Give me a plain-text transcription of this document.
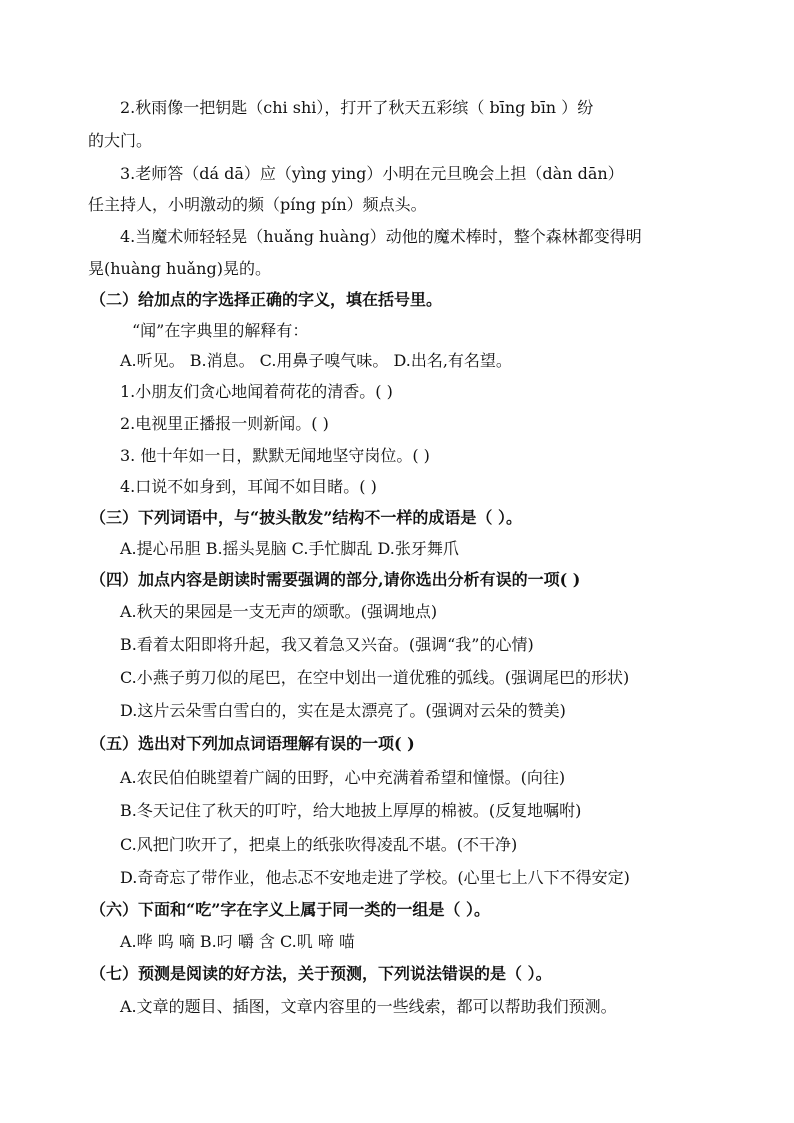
2.秋雨像一把钥匙（chi shi），打开了秋天五彩缤（ bīng bīn ）纷
的大门。
3.老师答（dá dā）应（yìng ying）小明在元旦晚会上担（dàn dān）
任主持人，小明激动的频（píng pín）频点头。
4.当魔术师轻轻晃（huǎng huàng）动他的魔术棒时，整个森林都变得明
晃(huàng huǎng)晃的。
（二）给加点的字选择正确的字义，填在括号里。
“闻”在字典里的解释有：
A.听见。 B.消息。 C.用鼻子嗅气味。 D.出名,有名望。
1.小朋友们贪心地闻着荷花的清香。( )
2.电视里正播报一则新闻。( )
3. 他十年如一日，默默无闻地坚守岗位。( )
4.口说不如身到，耳闻不如目睹。( )
（三）下列词语中，与“披头散发”结构不一样的成语是（ ）。
A.提心吊胆 B.摇头晃脑 C.手忙脚乱 D.张牙舞爪
（四）加点内容是朗读时需要强调的部分,请你选出分析有误的一项( )
A.秋天的果园是一支无声的颂歌。(强调地点)
B.看着太阳即将升起，我又着急又兴奋。(强调“我”的心情)
C.小燕子剪刀似的尾巴，在空中划出一道优雅的弧线。(强调尾巴的形状)
D.这片云朵雪白雪白的，实在是太漂亮了。(强调对云朵的赞美)
（五）选出对下列加点词语理解有误的一项( )
A.农民伯伯眺望着广阔的田野，心中充满着希望和憧憬。(向往)
B.冬天记住了秋天的叮咛，给大地披上厚厚的棉被。(反复地嘱咐)
C.风把门吹开了，把桌上的纸张吹得凌乱不堪。(不干净)
D.奇奇忘了带作业，他忐忑不安地走进了学校。(心里七上八下不得安定)
（六）下面和“吃”字在字义上属于同一类的一组是（ ）。
A.哗 呜 嘀 B.叼 嚼 含 C.叽 啼 喵
（七）预测是阅读的好方法，关于预测，下列说法错误的是（ ）。
A.文章的题目、插图，文章内容里的一些线索，都可以帮助我们预测。
